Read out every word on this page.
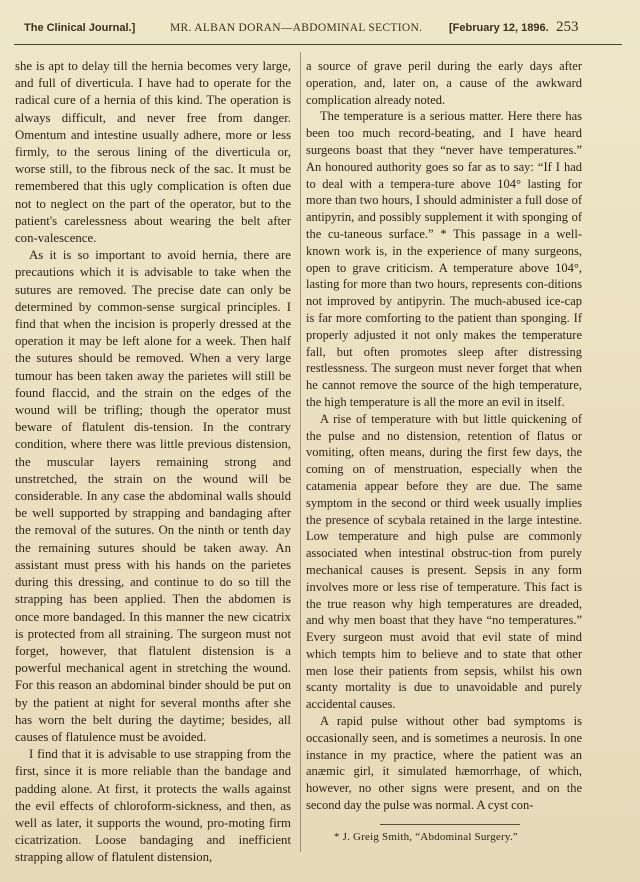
The Clinical Journal.]	MR. ALBAN DORAN—ABDOMINAL SECTION. [February 12, 1896. 253

she is apt to delay till the hernia becomes very large, and full of diverticula. I have had to operate for the radical cure of a hernia of this kind. The operation is always difficult, and never free from danger. Omentum and intestine usually adhere, more or less firmly, to the serous lining of the diverticula or, worse still, to the fibrous neck of the sac. It must be remembered that this ugly complication is often due not to neglect on the part of the operator, but to the patient's carelessness about wearing the belt after con-valescence.

As it is so important to avoid hernia, there are precautions which it is advisable to take when the sutures are removed. The precise date can only be determined by common-sense surgical principles. I find that when the incision is properly dressed at the operation it may be left alone for a week. Then half the sutures should be removed. When a very large tumour has been taken away the parietes will still be found flaccid, and the strain on the edges of the wound will be trifling; though the operator must beware of flatulent dis-tension. In the contrary condition, where there was little previous distension, the muscular layers remaining strong and unstretched, the strain on the wound will be considerable. In any case the abdominal walls should be well supported by strapping and bandaging after the removal of the sutures. On the ninth or tenth day the remaining sutures should be taken away. An assistant must press with his hands on the parietes during this dressing, and continue to do so till the strapping has been applied. Then the abdomen is once more bandaged. In this manner the new cicatrix is protected from all straining. The surgeon must not forget, however, that flatulent distension is a powerful mechanical agent in stretching the wound. For this reason an abdominal binder should be put on by the patient at night for several months after she has worn the belt during the daytime; besides, all causes of flatulence must be avoided.

I find that it is advisable to use strapping from the first, since it is more reliable than the bandage and padding alone. At first, it protects the walls against the evil effects of chloroform-sickness, and then, as well as later, it supports the wound, pro-moting firm cicatrization. Loose bandaging and inefficient strapping allow of flatulent distension,

a source of grave peril during the early days after operation, and, later on, a cause of the awkward complication already noted.

The temperature is a serious matter. Here there has been too much record-beating, and I have heard surgeons boast that they “never have temperatures.” An honoured authority goes so far as to say: “If I had to deal with a tempera-ture above 104° lasting for more than two hours, I should administer a full dose of antipyrin, and possibly supplement it with sponging of the cu-taneous surface.” * This passage in a well-known work is, in the experience of many surgeons, open to grave criticism. A temperature above 104°, lasting for more than two hours, represents con-ditions not improved by antipyrin. The much-abused ice-cap is far more comforting to the patient than sponging. If properly adjusted it not only makes the temperature fall, but often promotes sleep after distressing restlessness. The surgeon must never forget that when he cannot remove the source of the high temperature, the high temperature is all the more an evil in itself.

A rise of temperature with but little quickening of the pulse and no distension, retention of flatus or vomiting, often means, during the first few days, the coming on of menstruation, especially when the catamenia appear before they are due. The same symptom in the second or third week usually implies the presence of scybala retained in the large intestine. Low temperature and high pulse are commonly associated when intestinal obstruc-tion from purely mechanical causes is present. Sepsis in any form involves more or less rise of temperature. This fact is the true reason why high temperatures are dreaded, and why men boast that they have “no temperatures.” Every surgeon must avoid that evil state of mind which tempts him to believe and to state that other men lose their patients from sepsis, whilst his own scanty mortality is due to unavoidable and purely accidental causes.

A rapid pulse without other bad symptoms is occasionally seen, and is sometimes a neurosis. In one instance in my practice, where the patient was an anæmic girl, it simulated hæmorrhage, of which, however, no other signs were present, and on the second day the pulse was normal. A cyst con-

* J. Greig Smith, “Abdominal Surgery.”
